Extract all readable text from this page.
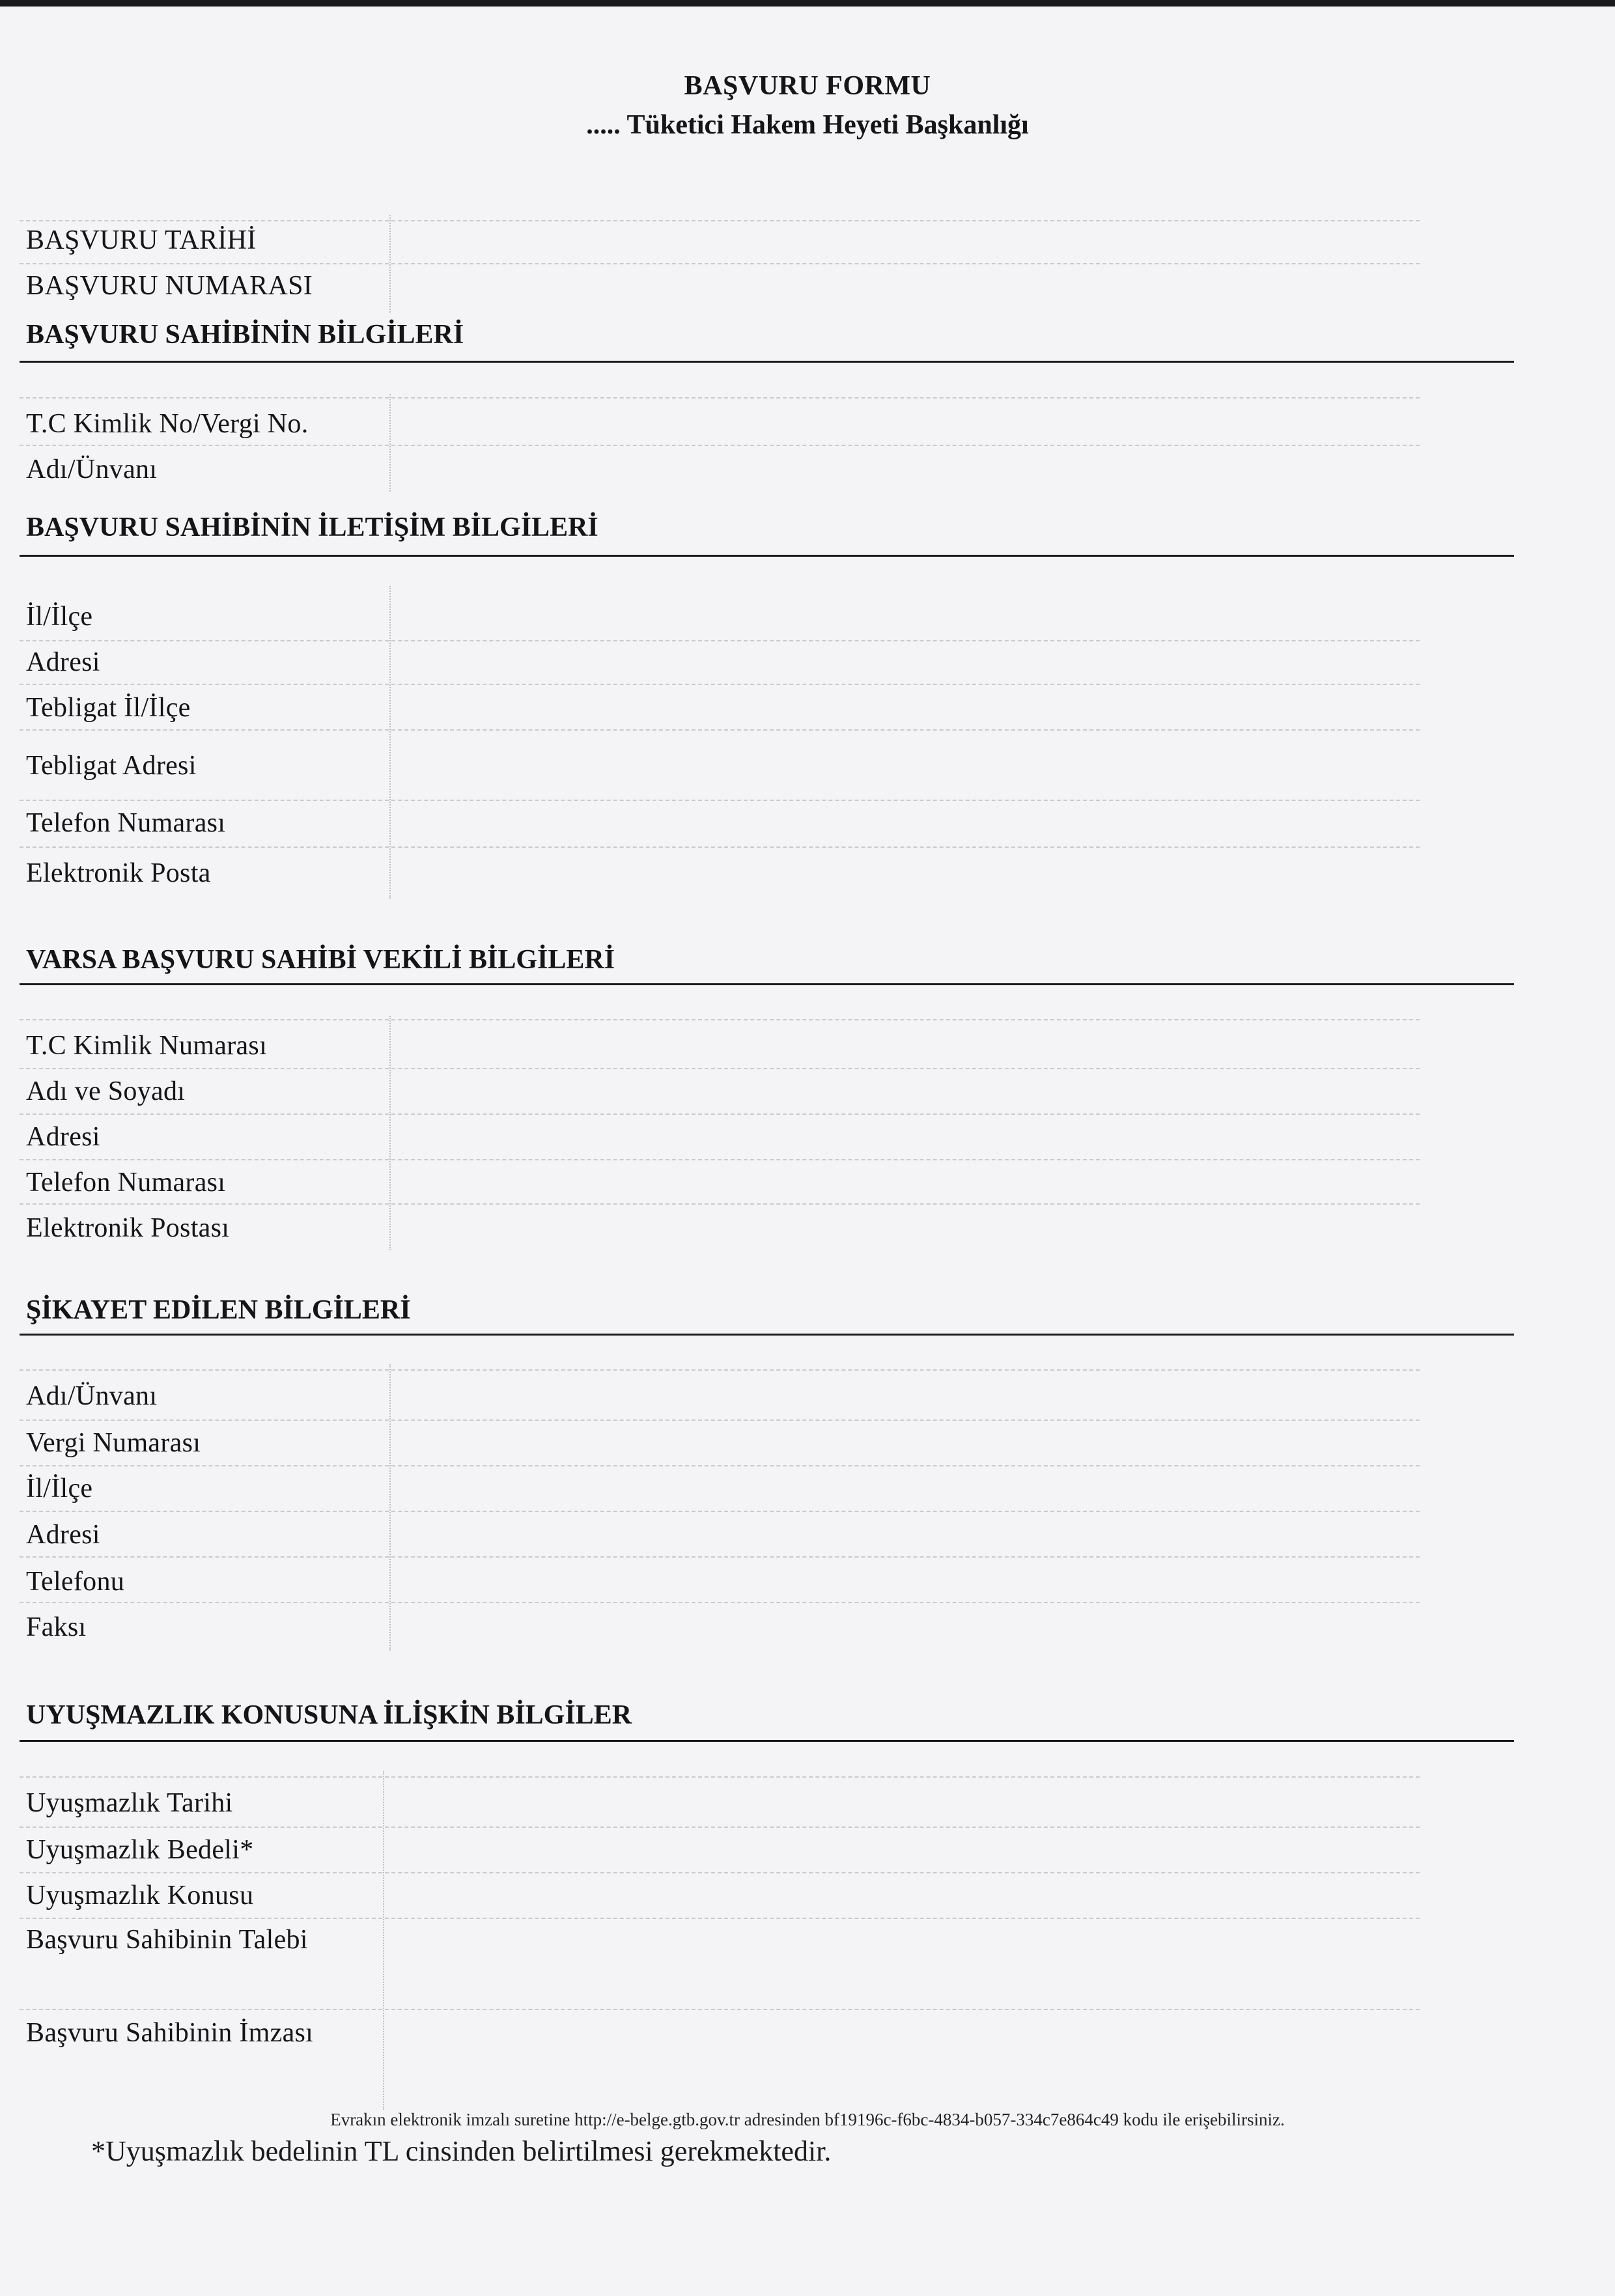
BAŞVURU FORMU
..... Tüketici Hakem Heyeti Başkanlığı
BAŞVURU TARİHİ
BAŞVURU NUMARASI
BAŞVURU SAHİBİNİN BİLGİLERİ
T.C Kimlik No/Vergi No.
Adı/Ünvanı
BAŞVURU SAHİBİNİN İLETİŞİM BİLGİLERİ
İl/İlçe
Adresi
Tebligat İl/İlçe
Tebligat Adresi
Telefon Numarası
Elektronik Posta
VARSA BAŞVURU SAHİBİ VEKİLİ BİLGİLERİ
T.C Kimlik Numarası
Adı ve Soyadı
Adresi
Telefon Numarası
Elektronik Postası
ŞİKAYET EDİLEN BİLGİLERİ
Adı/Ünvanı
Vergi Numarası
İl/İlçe
Adresi
Telefonu
Faksı
UYUŞMAZLIK KONUSUNA İLİŞKİN BİLGİLER
Uyuşmazlık Tarihi
Uyuşmazlık Bedeli*
Uyuşmazlık Konusu
Başvuru Sahibinin Talebi
Başvuru Sahibinin İmzası
Evrakın elektronik imzalı suretine http://e-belge.gtb.gov.tr adresinden bf19196c-f6bc-4834-b057-334c7e864c49 kodu ile erişebilirsiniz.
*Uyuşmazlık bedelinin TL cinsinden belirtilmesi gerekmektedir.
